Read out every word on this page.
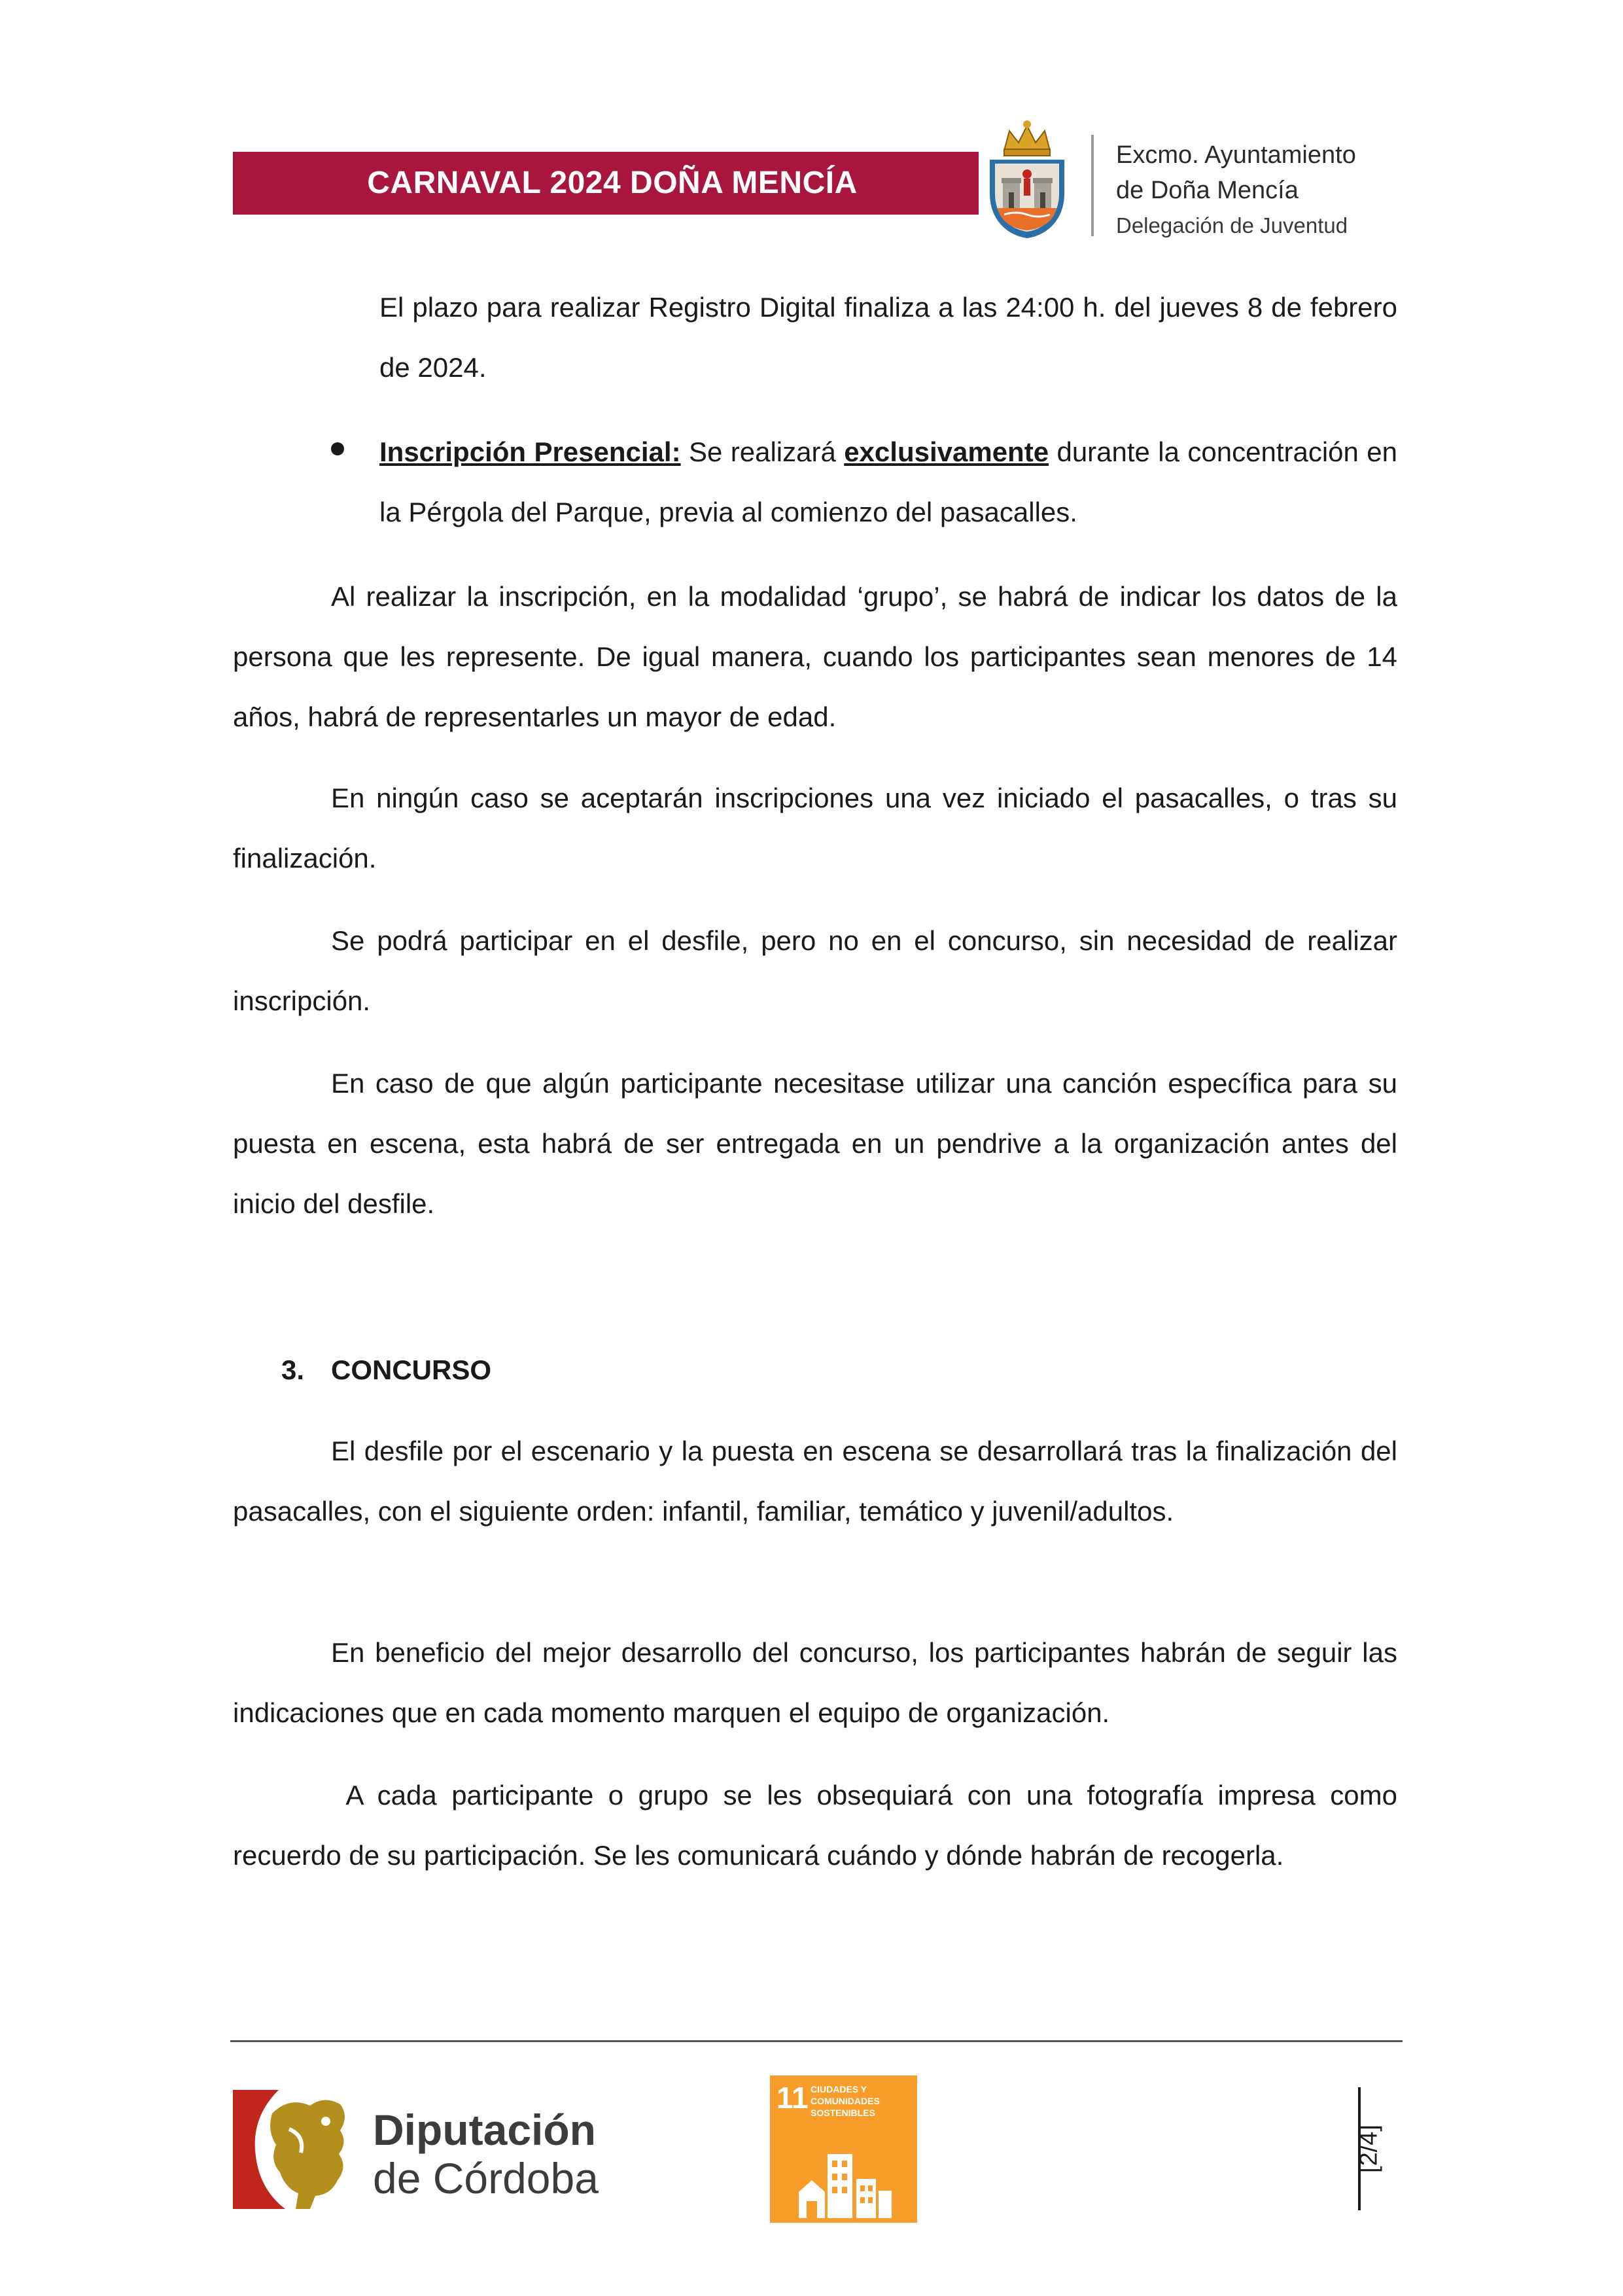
CARNAVAL 2024 DOÑA MENCÍA
Excmo. Ayuntamiento
de Doña Mencía
Delegación de Juventud
El plazo para realizar Registro Digital finaliza a las 24:00 h. del jueves 8 de febrero de 2024.
Inscripción Presencial: Se realizará exclusivamente durante la concentración en la Pérgola del Parque, previa al comienzo del pasacalles.
Al realizar la inscripción, en la modalidad ‘grupo’, se habrá de indicar los datos de la persona que les represente. De igual manera, cuando los participantes sean menores de 14 años, habrá de representarles un mayor de edad.
En ningún caso se aceptarán inscripciones una vez iniciado el pasacalles, o tras su finalización.
Se podrá participar en el desfile, pero no en el concurso, sin necesidad de realizar inscripción.
En caso de que algún participante necesitase utilizar una canción específica para su puesta en escena, esta habrá de ser entregada en un pendrive a la organización antes del inicio del desfile.
3. CONCURSO
El desfile por el escenario y la puesta en escena se desarrollará tras la finalización del pasacalles, con el siguiente orden: infantil, familiar, temático y juvenil/adultos.
En beneficio del mejor desarrollo del concurso, los participantes habrán de seguir las indicaciones que en cada momento marquen el equipo de organización.
A cada participante o grupo se les obsequiará con una fotografía impresa como recuerdo de su participación. Se les comunicará cuándo y dónde habrán de recogerla.
Diputación
de Córdoba
11 CIUDADES Y COMUNIDADES SOSTENIBLES
[2/4]
